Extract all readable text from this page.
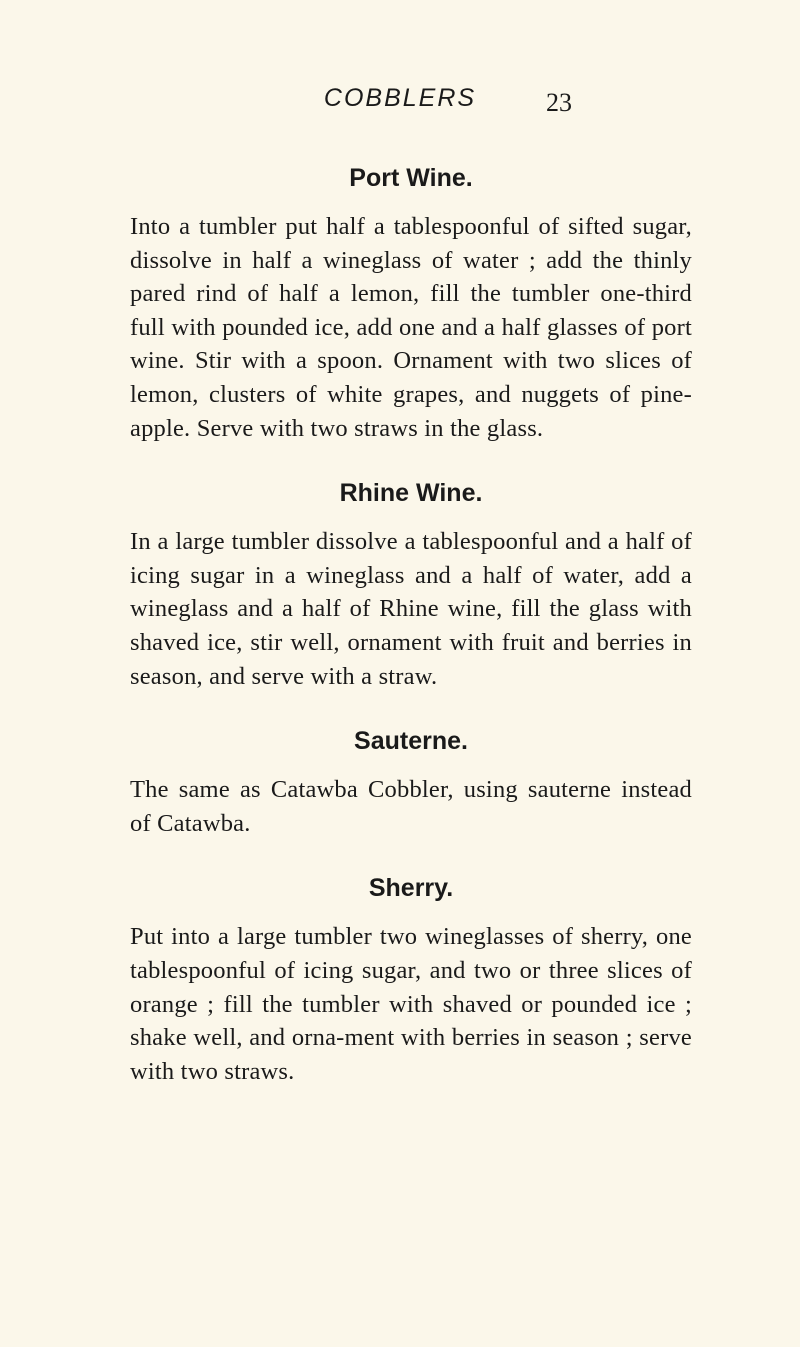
COBBLERS	23
Port Wine.

Into a tumbler put half a tablespoonful of sifted sugar, dissolve in half a wineglass of water ; add the thinly pared rind of half a lemon, fill the tumbler one-third full with pounded ice, add one and a half glasses of port wine. Stir with a spoon. Ornament with two slices of lemon, clusters of white grapes, and nuggets of pine-apple. Serve with two straws in the glass.

Rhine Wine.

In a large tumbler dissolve a tablespoonful and a half of icing sugar in a wineglass and a half of water, add a wineglass and a half of Rhine wine, fill the glass with shaved ice, stir well, ornament with fruit and berries in season, and serve with a straw.

Sauterne.

The same as Catawba Cobbler, using sauterne instead of Catawba.

Sherry.

Put into a large tumbler two wineglasses of sherry, one tablespoonful of icing sugar, and two or three slices of orange ; fill the tumbler with shaved or pounded ice ; shake well, and orna-ment with berries in season ; serve with two straws.
